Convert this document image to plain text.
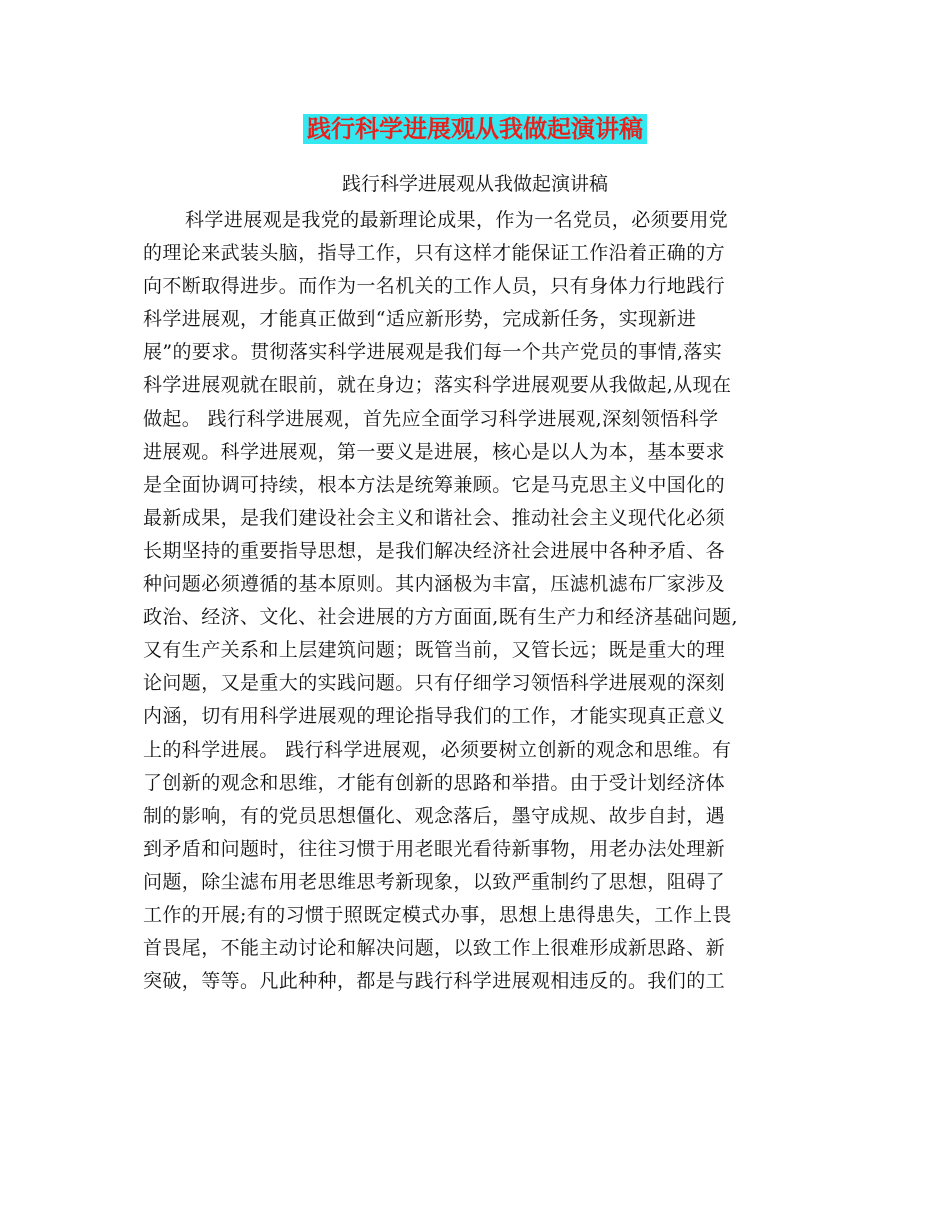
践行科学进展观从我做起演讲稿
践行科学进展观从我做起演讲稿
科学进展观是我党的最新理论成果，作为一名党员，必须要用党
的理论来武装头脑，指导工作，只有这样才能保证工作沿着正确的方
向不断取得进步。而作为一名机关的工作人员，只有身体力行地践行
科学进展观，才能真正做到“适应新形势，完成新任务，实现新进
展”的要求。贯彻落实科学进展观是我们每一个共产党员的事情,落实
科学进展观就在眼前，就在身边；落实科学进展观要从我做起,从现在
做起。 践行科学进展观，首先应全面学习科学进展观,深刻领悟科学
进展观。科学进展观，第一要义是进展，核心是以人为本，基本要求
是全面协调可持续，根本方法是统筹兼顾。它是马克思主义中国化的
最新成果，是我们建设社会主义和谐社会、推动社会主义现代化必须
长期坚持的重要指导思想，是我们解决经济社会进展中各种矛盾、各
种问题必须遵循的基本原则。其内涵极为丰富，压滤机滤布厂家涉及
政治、经济、文化、社会进展的方方面面,既有生产力和经济基础问题,
又有生产关系和上层建筑问题；既管当前，又管长远；既是重大的理
论问题，又是重大的实践问题。只有仔细学习领悟科学进展观的深刻
内涵，切有用科学进展观的理论指导我们的工作，才能实现真正意义
上的科学进展。 践行科学进展观，必须要树立创新的观念和思维。有
了创新的观念和思维，才能有创新的思路和举措。由于受计划经济体
制的影响，有的党员思想僵化、观念落后，墨守成规、故步自封，遇
到矛盾和问题时，往往习惯于用老眼光看待新事物，用老办法处理新
问题，除尘滤布用老思维思考新现象，以致严重制约了思想，阻碍了
工作的开展;有的习惯于照既定模式办事，思想上患得患失，工作上畏
首畏尾，不能主动讨论和解决问题，以致工作上很难形成新思路、新
突破，等等。凡此种种，都是与践行科学进展观相违反的。我们的工
